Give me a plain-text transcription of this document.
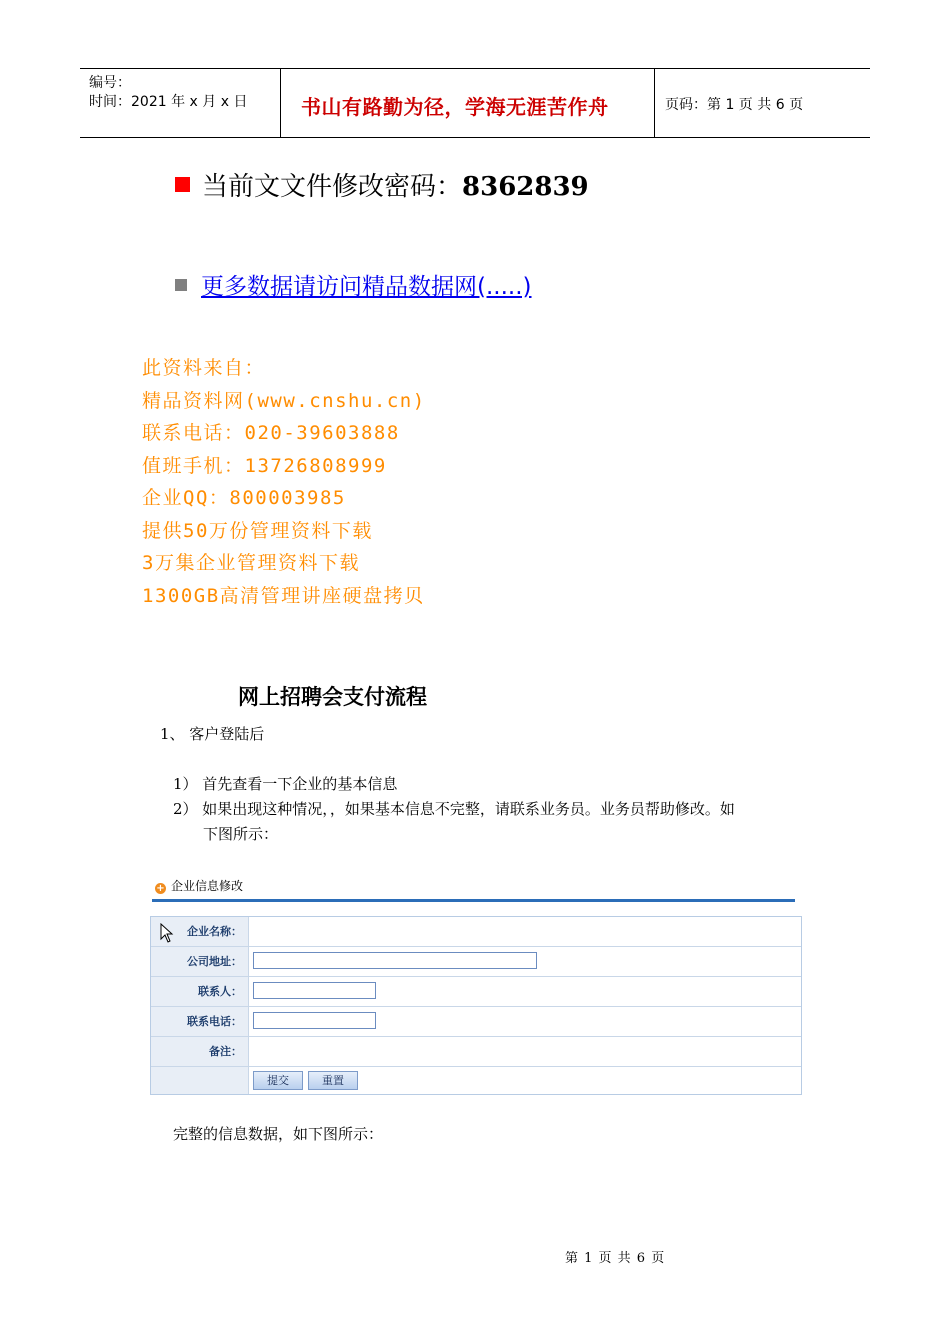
编号：
时间：2021 年 x 月 x 日	书山有路勤为径，学海无涯苦作舟	页码：第 1 页 共 6 页
当前文文件修改密码：8362839
更多数据请访问精品数据网(.....)
此资料来自：
精品资料网(www.cnshu.cn)
联系电话：020-39603888
值班手机：13726808999
企业QQ：800003985
提供50万份管理资料下载
3万集企业管理资料下载
1300GB高清管理讲座硬盘拷贝
网上招聘会支付流程
1、 客户登陆后
1） 首先查看一下企业的基本信息
2） 如果出现这种情况，，如果基本信息不完整，请联系业务员。业务员帮助修改。如
下图所示：
+ 企业信息修改
企业名称：
公司地址：
联系人：
联系电话：
备注：
提交	重置
完整的信息数据，如下图所示：
第 1 页 共 6 页
